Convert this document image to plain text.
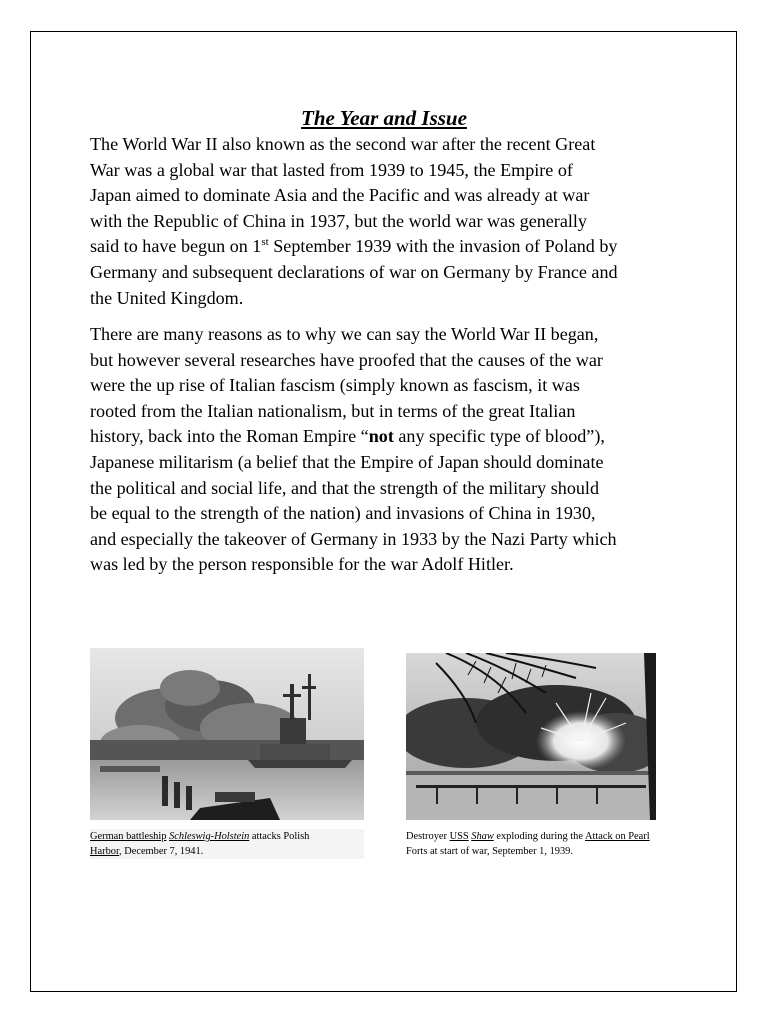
The Year and Issue

The World War II also known as the second war after the recent Great
War was a global war that lasted from 1939 to 1945, the Empire of
Japan aimed to dominate Asia and the Pacific and was already at war
with the Republic of China in 1937, but the world war was generally
said to have begun on 1st September 1939 with the invasion of Poland by
Germany and subsequent declarations of war on Germany by France and
the United Kingdom.

There are many reasons as to why we can say the World War II began,
but however several researches have proofed that the causes of the war
were the up rise of Italian fascism (simply known as fascism, it was
rooted from the Italian nationalism, but in terms of the great Italian
history, back into the Roman Empire “not any specific type of blood”),
Japanese militarism (a belief that the Empire of Japan should dominate
the political and social life, and that the strength of the military should
be equal to the strength of the nation) and invasions of China in 1930,
and especially the takeover of Germany in 1933 by the Nazi Party which
was led by the person responsible for the war Adolf Hitler.

German battleship Schleswig-Holstein attacks Polish
Harbor, December 7, 1941.

Destroyer USS Shaw exploding during the Attack on Pearl
Forts at start of war, September 1, 1939.
